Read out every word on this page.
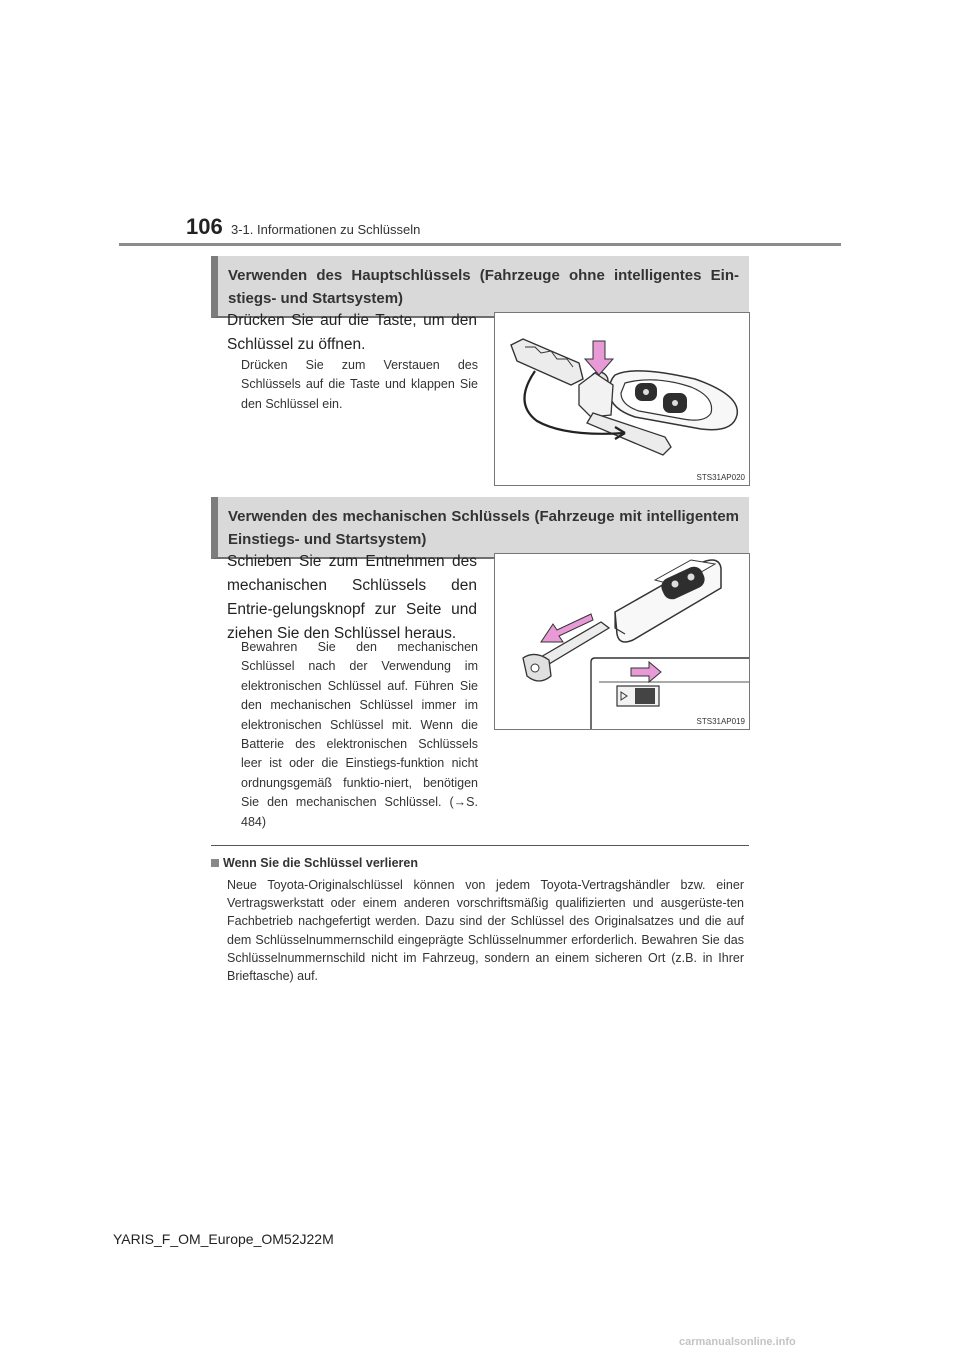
106 3-1. Informationen zu Schlüsseln
Verwenden des Hauptschlüssels (Fahrzeuge ohne intelligentes Ein-stiegs- und Startsystem)
Drücken Sie auf die Taste, um den Schlüssel zu öffnen.
Drücken Sie zum Verstauen des Schlüssels auf die Taste und klappen Sie den Schlüssel ein.
STS31AP020
Verwenden des mechanischen Schlüssels (Fahrzeuge mit intelligentem Einstiegs- und Startsystem)
Schieben Sie zum Entnehmen des mechanischen Schlüssels den Entrie-gelungsknopf zur Seite und ziehen Sie den Schlüssel heraus.
Bewahren Sie den mechanischen Schlüssel nach der Verwendung im elektronischen Schlüssel auf. Führen Sie den mechanischen Schlüssel immer im elektronischen Schlüssel mit. Wenn die Batterie des elektronischen Schlüssels leer ist oder die Einstiegs-funktion nicht ordnungsgemäß funktio-niert, benötigen Sie den mechanischen Schlüssel. (→S. 484)
STS31AP019
Wenn Sie die Schlüssel verlieren
Neue Toyota-Originalschlüssel können von jedem Toyota-Vertragshändler bzw. einer Vertragswerkstatt oder einem anderen vorschriftsmäßig qualifizierten und ausgerüste-ten Fachbetrieb nachgefertigt werden. Dazu sind der Schlüssel des Originalsatzes und die auf dem Schlüsselnummernschild eingeprägte Schlüsselnummer erforderlich. Bewahren Sie das Schlüsselnummernschild nicht im Fahrzeug, sondern an einem sicheren Ort (z.B. in Ihrer Brieftasche) auf.
YARIS_F_OM_Europe_OM52J22M
carmanualsonline.info
